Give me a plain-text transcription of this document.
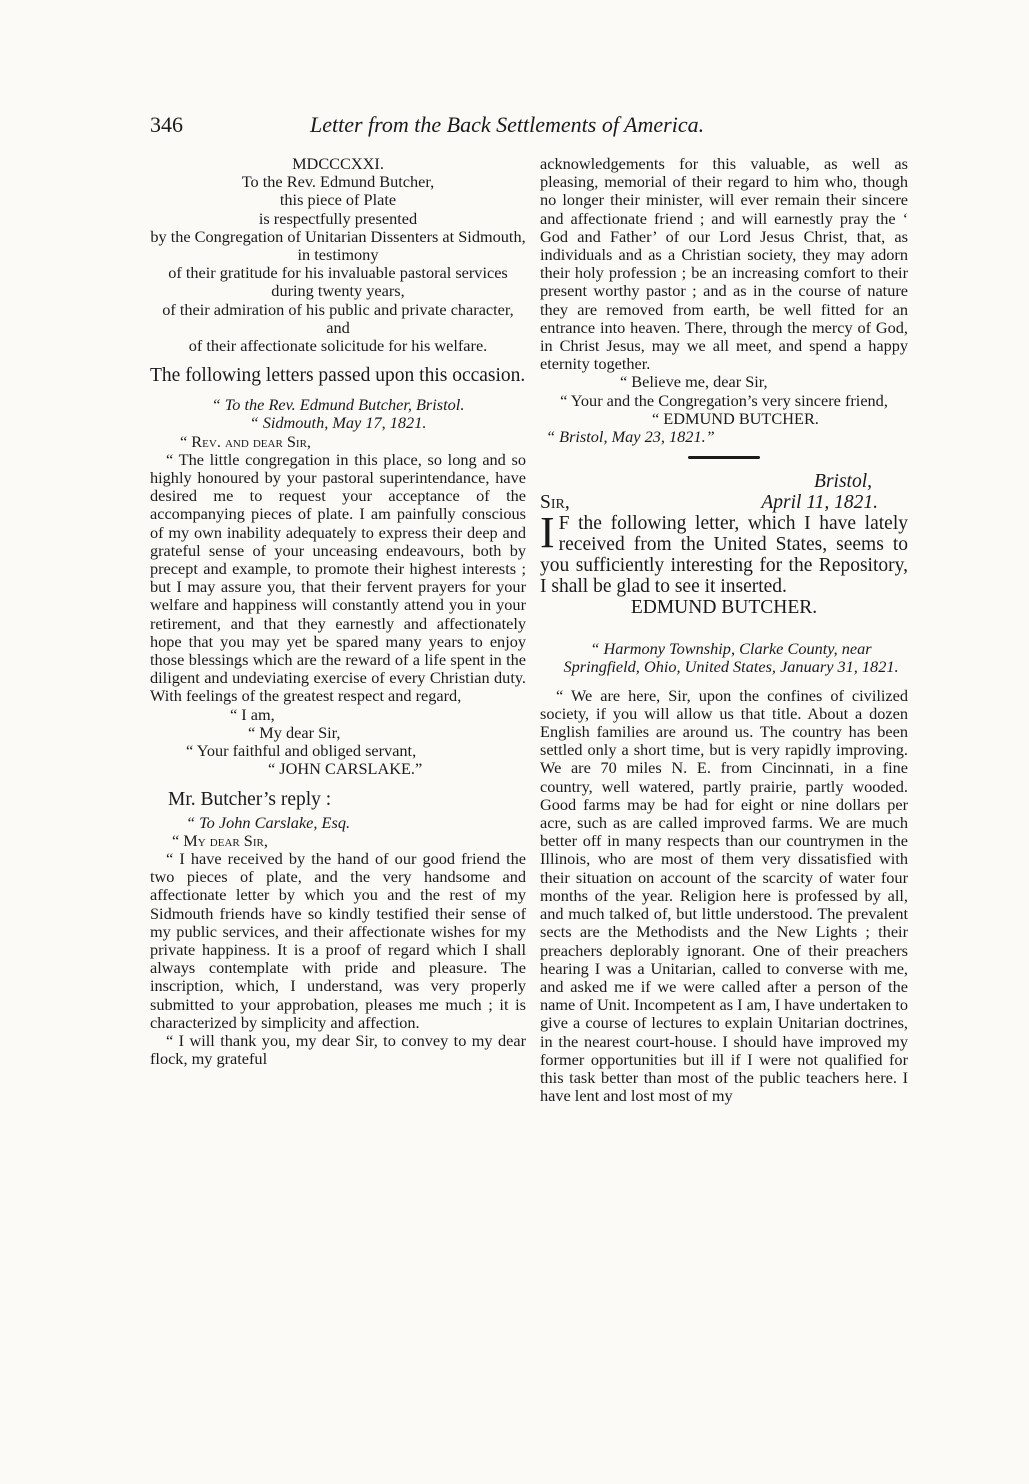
346	Letter from the Back Settlements of America.

MDCCCXXI.

To the Rev. Edmund Butcher,

this piece of Plate

is respectfully presented

by the Congregation of Unitarian Dissenters at Sidmouth,

in testimony

of their gratitude for his invaluable pastoral services

during twenty years,

of their admiration of his public and private character,

and

of their affectionate solicitude for his welfare.

The following letters passed upon this occasion.

“ To the Rev. Edmund Butcher, Bristol.

“ Sidmouth, May 17, 1821.

“ Rev. and dear Sir,

“ The little congregation in this place, so long and so highly honoured by your pastoral superintendance, have desired me to request your acceptance of the accompanying pieces of plate. I am painfully conscious of my own inability adequately to express their deep and grateful sense of your unceasing endeavours, both by precept and example, to promote their highest interests ; but I may assure you, that their fervent prayers for your welfare and happiness will constantly attend you in your retirement, and that they earnestly and affectionately hope that you may yet be spared many years to enjoy those blessings which are the reward of a life spent in the diligent and undeviating exercise of every Christian duty. With feelings of the greatest respect and regard,

“ I am,

“ My dear Sir,

“ Your faithful and obliged servant,

“ JOHN CARSLAKE.”

Mr. Butcher’s reply :

“ To John Carslake, Esq.

“ My dear Sir,

“ I have received by the hand of our good friend the two pieces of plate, and the very handsome and affectionate letter by which you and the rest of my Sidmouth friends have so kindly testified their sense of my public services, and their affectionate wishes for my private happiness. It is a proof of regard which I shall always contemplate with pride and pleasure. The inscription, which, I understand, was very properly submitted to your approbation, pleases me much ; it is characterized by simplicity and affection.

“ I will thank you, my dear Sir, to convey to my dear flock, my grateful

acknowledgements for this valuable, as well as pleasing, memorial of their regard to him who, though no longer their minister, will ever remain their sincere and affectionate friend ; and will earnestly pray the ‘ God and Father’ of our Lord Jesus Christ, that, as individuals and as a Christian society, they may adorn their holy profession ; be an increasing comfort to their present worthy pastor ; and as in the course of nature they are removed from earth, be well fitted for an entrance into heaven. There, through the mercy of God, in Christ Jesus, may we all meet, and spend a happy eternity together.

“ Believe me, dear Sir,

“ Your and the Congregation’s very sincere friend,

“ EDMUND BUTCHER.

“ Bristol, May 23, 1821.”

Bristol,

Sir,	April 11, 1821.

I F the following letter, which I have lately received from the United States, seems to you sufficiently interesting for the Repository, I shall be glad to see it inserted.

EDMUND BUTCHER.

“ Harmony Township, Clarke County, near Springfield, Ohio, United States, January 31, 1821.

“ We are here, Sir, upon the confines of civilized society, if you will allow us that title. About a dozen English families are around us. The country has been settled only a short time, but is very rapidly improving. We are 70 miles N. E. from Cincinnati, in a fine country, well watered, partly prairie, partly wooded. Good farms may be had for eight or nine dollars per acre, such as are called improved farms. We are much better off in many respects than our countrymen in the Illinois, who are most of them very dissatisfied with their situation on account of the scarcity of water four months of the year. Religion here is professed by all, and much talked of, but little understood. The prevalent sects are the Methodists and the New Lights ; their preachers deplorably ignorant. One of their preachers hearing I was a Unitarian, called to converse with me, and asked me if we were called after a person of the name of Unit. Incompetent as I am, I have undertaken to give a course of lectures to explain Unitarian doctrines, in the nearest court-house. I should have improved my former opportunities but ill if I were not qualified for this task better than most of the public teachers here. I have lent and lost most of my
